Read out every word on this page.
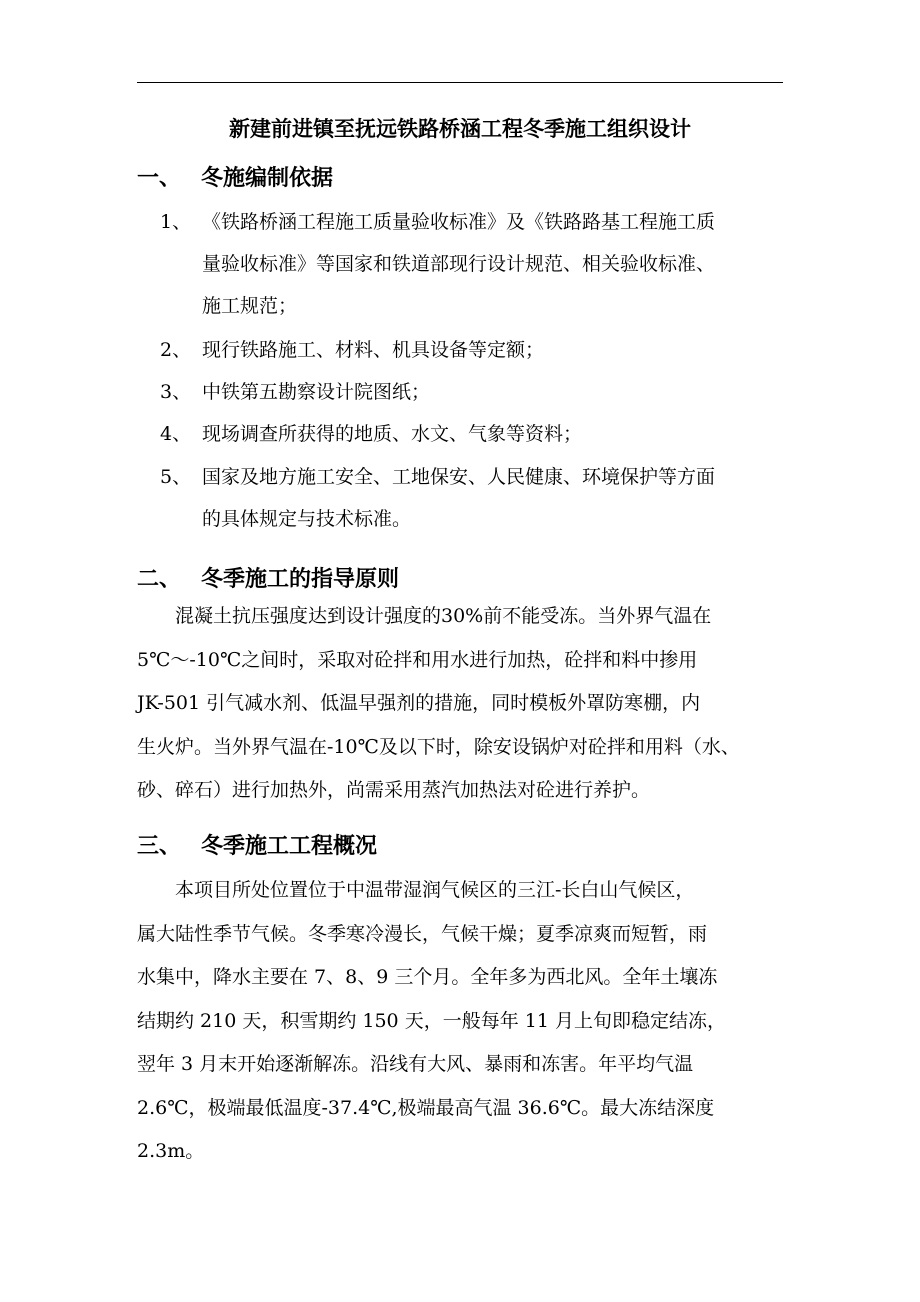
新建前进镇至抚远铁路桥涵工程冬季施工组织设计
一、 冬施编制依据
1、 《铁路桥涵工程施工质量验收标准》及《铁路路基工程施工质
量验收标准》等国家和铁道部现行设计规范、相关验收标准、
施工规范；
2、 现行铁路施工、材料、机具设备等定额；
3、 中铁第五勘察设计院图纸；
4、 现场调查所获得的地质、水文、气象等资料；
5、 国家及地方施工安全、工地保安、人民健康、环境保护等方面
的具体规定与技术标准。
二、 冬季施工的指导原则
混凝土抗压强度达到设计强度的30%前不能受冻。当外界气温在
5℃～-10℃之间时，采取对砼拌和用水进行加热，砼拌和料中掺用
JK-501 引气减水剂、低温早强剂的措施，同时模板外罩防寒棚，内
生火炉。当外界气温在-10℃及以下时，除安设锅炉对砼拌和用料（水、
砂、碎石）进行加热外，尚需采用蒸汽加热法对砼进行养护。
三、 冬季施工工程概况
本项目所处位置位于中温带湿润气候区的三江-长白山气候区，
属大陆性季节气候。冬季寒冷漫长，气候干燥；夏季凉爽而短暂，雨
水集中，降水主要在 7、8、9 三个月。全年多为西北风。全年土壤冻
结期约 210 天，积雪期约 150 天，一般每年 11 月上旬即稳定结冻，
翌年 3 月末开始逐渐解冻。沿线有大风、暴雨和冻害。年平均气温
2.6℃，极端最低温度-37.4℃,极端最高气温 36.6℃。最大冻结深度
2.3m。
